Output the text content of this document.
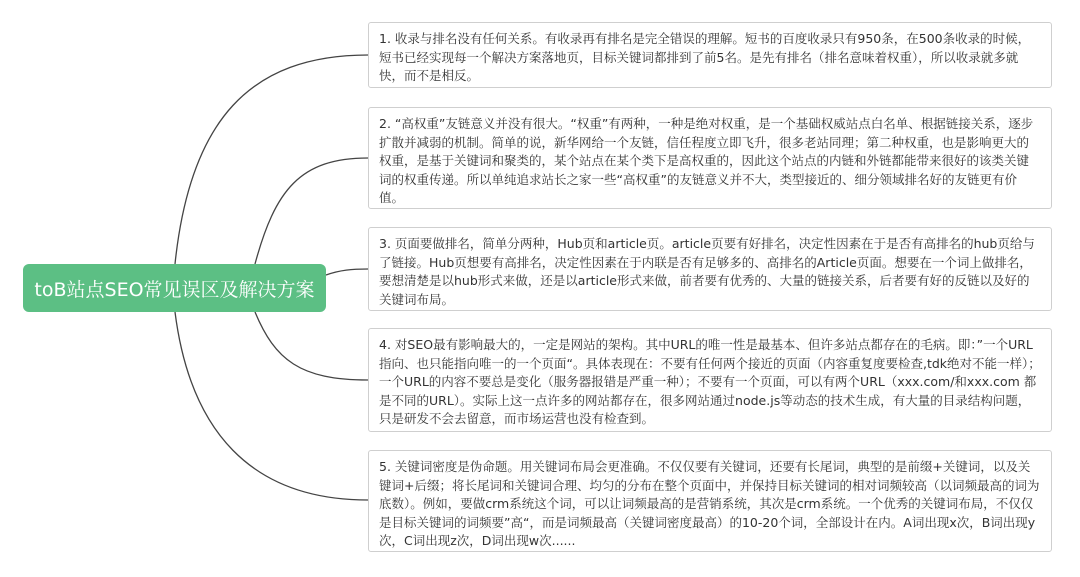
toB站点SEO常见误区及解决方案
1. 收录与排名没有任何关系。有收录再有排名是完全错误的理解。短书的百度收录只有950条，在500条收录的时候，短书已经实现每一个解决方案落地页，目标关键词都排到了前5名。是先有排名（排名意味着权重），所以收录就多就快，而不是相反。
2. “高权重”友链意义并没有很大。“权重”有两种，一种是绝对权重，是一个基础权威站点白名单、根据链接关系，逐步扩散并减弱的机制。简单的说，新华网给一个友链，信任程度立即飞升，很多老站同理；第二种权重，也是影响更大的权重，是基于关键词和聚类的，某个站点在某个类下是高权重的，因此这个站点的内链和外链都能带来很好的该类关键词的权重传递。所以单纯追求站长之家一些“高权重”的友链意义并不大，类型接近的、细分领域排名好的友链更有价值。
3. 页面要做排名，简单分两种，Hub页和article页。article页要有好排名，决定性因素在于是否有高排名的hub页给与了链接。Hub页想要有高排名，决定性因素在于内联是否有足够多的、高排名的Article页面。想要在一个词上做排名，要想清楚是以hub形式来做，还是以article形式来做，前者要有优秀的、大量的链接关系，后者要有好的反链以及好的关键词布局。
4. 对SEO最有影响最大的，一定是网站的架构。其中URL的唯一性是最基本、但许多站点都存在的毛病。即：”一个URL指向、也只能指向唯一的一个页面“。具体表现在：不要有任何两个接近的页面（内容重复度要检查,tdk绝对不能一样）；一个URL的内容不要总是变化（服务器报错是严重一种）；不要有一个页面，可以有两个URL（xxx.com/和xxx.com 都是不同的URL）。实际上这一点许多的网站都存在，很多网站通过node.js等动态的技术生成，有大量的目录结构问题，只是研发不会去留意，而市场运营也没有检查到。
5. 关键词密度是伪命题。用关键词布局会更准确。不仅仅要有关键词，还要有长尾词，典型的是前缀+关键词，以及关键词+后缀；将长尾词和关键词合理、均匀的分布在整个页面中，并保持目标关键词的相对词频较高（以词频最高的词为底数）。例如，要做crm系统这个词，可以让词频最高的是营销系统，其次是crm系统。一个优秀的关键词布局，不仅仅是目标关键词的词频要”高“，而是词频最高（关键词密度最高）的10-20个词，全部设计在内。A词出现x次，B词出现y次，C词出现z次，D词出现w次......
